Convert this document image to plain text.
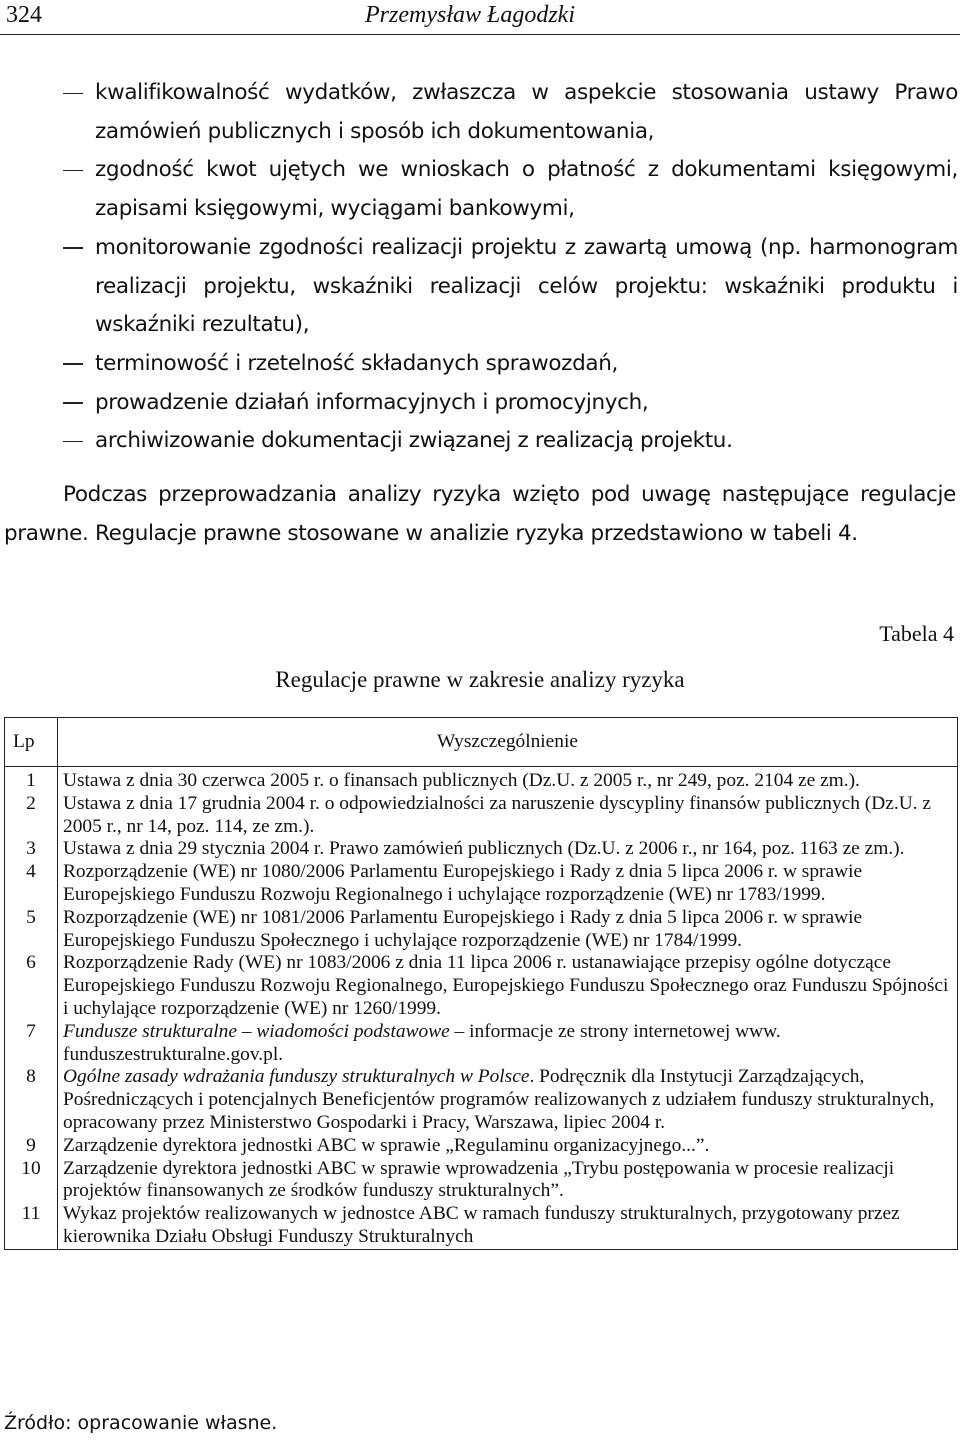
324	Przemysław Łagodzki
kwalifikowalność wydatków, zwłaszcza w aspekcie stosowania ustawy Prawo zamówień publicznych i sposób ich dokumentowania,
zgodność kwot ujętych we wnioskach o płatność z dokumentami księgowymi, zapisami księgowymi, wyciągami bankowymi,
monitorowanie zgodności realizacji projektu z zawartą umową (np. harmonogram realizacji projektu, wskaźniki realizacji celów projektu: wskaźniki produktu i wskaźniki rezultatu),
terminowość i rzetelność składanych sprawozdań,
prowadzenie działań informacyjnych i promocyjnych,
archiwizowanie dokumentacji związanej z realizacją projektu.

Podczas przeprowadzania analizy ryzyka wzięto pod uwagę następujące regulacje prawne. Regulacje prawne stosowane w analizie ryzyka przedstawiono w tabeli 4.

Tabela 4
Regulacje prawne w zakresie analizy ryzyka
Lp	Wyszczególnienie
1	Ustawa z dnia 30 czerwca 2005 r. o finansach publicznych (Dz.U. z 2005 r., nr 249, poz. 2104 ze zm.).
2	Ustawa z dnia 17 grudnia 2004 r. o odpowiedzialności za naruszenie dyscypliny finansów publicznych (Dz.U. z 2005 r., nr 14, poz. 114, ze zm.).
3	Ustawa z dnia 29 stycznia 2004 r. Prawo zamówień publicznych (Dz.U. z 2006 r., nr 164, poz. 1163 ze zm.).
4	Rozporządzenie (WE) nr 1080/2006 Parlamentu Europejskiego i Rady z dnia 5 lipca 2006 r. w sprawie Europejskiego Funduszu Rozwoju Regionalnego i uchylające rozporządzenie (WE) nr 1783/1999.
5	Rozporządzenie (WE) nr 1081/2006 Parlamentu Europejskiego i Rady z dnia 5 lipca 2006 r. w sprawie Europejskiego Funduszu Społecznego i uchylające rozporządzenie (WE) nr 1784/1999.
6	Rozporządzenie Rady (WE) nr 1083/2006 z dnia 11 lipca 2006 r. ustanawiające przepisy ogólne dotyczące Europejskiego Funduszu Rozwoju Regionalnego, Europejskiego Funduszu Społecznego oraz Funduszu Spójności i uchylające rozporządzenie (WE) nr 1260/1999.
7	Fundusze strukturalne – wiadomości podstawowe – informacje ze strony internetowej www. funduszestrukturalne.gov.pl.
8	Ogólne zasady wdrażania funduszy strukturalnych w Polsce. Podręcznik dla Instytucji Zarządzających, Pośredniczących i potencjalnych Beneficjentów programów realizowanych z udziałem funduszy strukturalnych, opracowany przez Ministerstwo Gospodarki i Pracy, Warszawa, lipiec 2004 r.
9	Zarządzenie dyrektora jednostki ABC w sprawie „Regulaminu organizacyjnego...”.
10	Zarządzenie dyrektora jednostki ABC w sprawie wprowadzenia „Trybu postępowania w procesie realizacji projektów finansowanych ze środków funduszy strukturalnych”.
11	Wykaz projektów realizowanych w jednostce ABC w ramach funduszy strukturalnych, przygotowany przez kierownika Działu Obsługi Funduszy Strukturalnych
Źródło: opracowanie własne.
